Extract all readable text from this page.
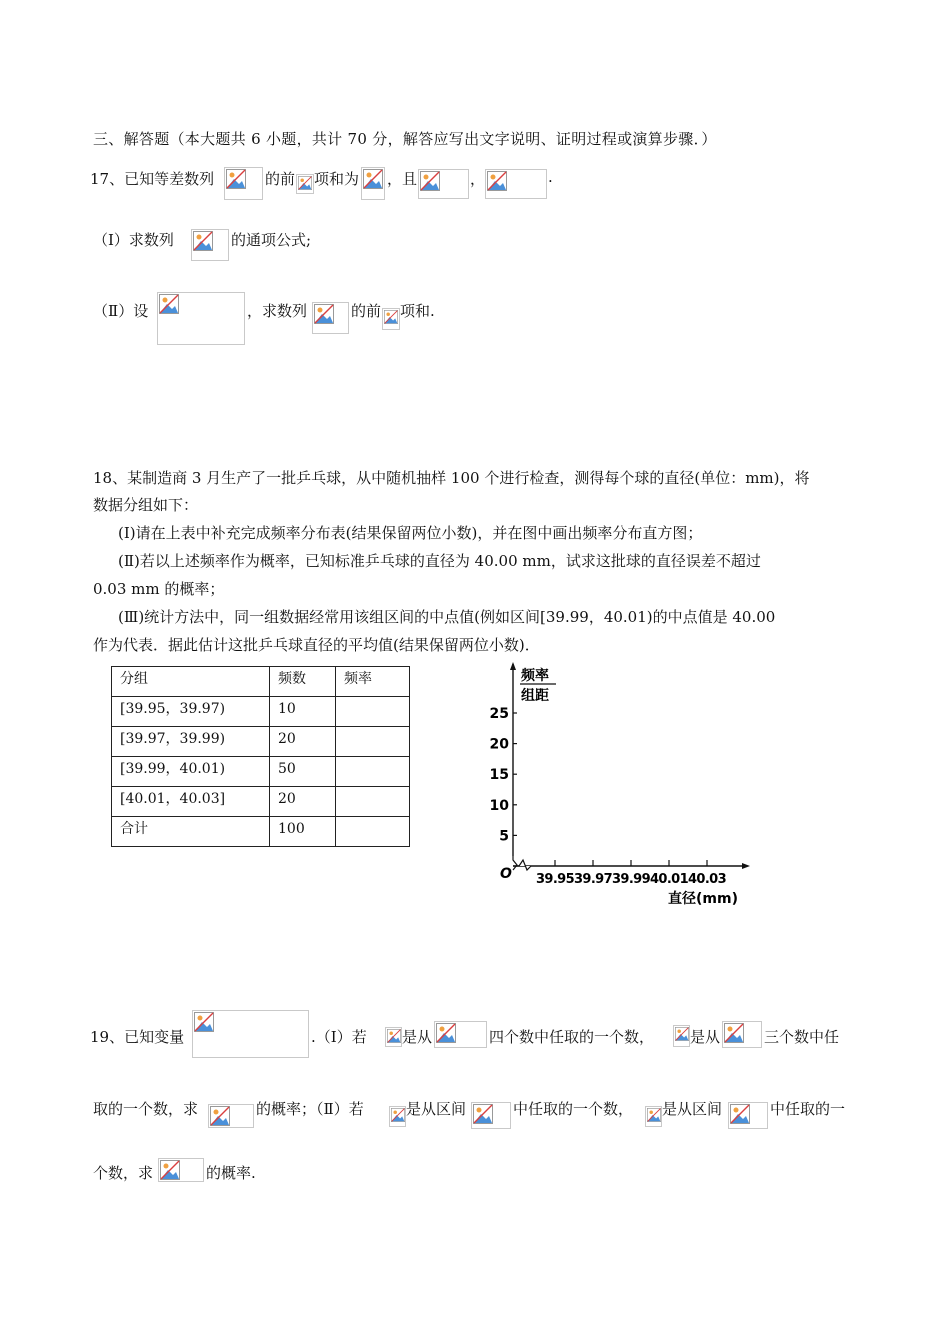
三、解答题（本大题共 6 小题，共计 70 分，解答应写出文字说明、证明过程或演算步骤．）
17、已知等差数列	的前 项和为 ，且	，	.
（Ⅰ）求数列	的通项公式;
（Ⅱ）设	，求数列	的前 项和.
18、某制造商 3 月生产了一批乒乓球，从中随机抽样 100 个进行检查，测得每个球的直径(单位：mm)，将
数据分组如下：
(Ⅰ)请在上表中补充完成频率分布表(结果保留两位小数)，并在图中画出频率分布直方图；
(Ⅱ)若以上述频率作为概率，已知标准乒乓球的直径为 40.00 mm，试求这批球的直径误差不超过
0.03 mm 的概率；
(Ⅲ)统计方法中，同一组数据经常用该组区间的中点值(例如区间[39.99，40.01)的中点值是 40.00
作为代表．据此估计这批乒乓球直径的平均值(结果保留两位小数)．
分组	频数	频率
[39.95，39.97)	10	
[39.97，39.99)	20	
[39.99，40.01)	50	
[40.01，40.03]	20	
合计	100	
频率
组距
O
直径(mm)
5
10
15
20
25
39.95 39.97 39.99 40.01 40.03
19、已知变量	.（Ⅰ）若 是从	四个数中任取的一个数， 是从	三个数中任
取的一个数，求	的概率；（Ⅱ）若	是从区间	中任取的一个数， 是从区间	中任取的一
个数，求	的概率.
